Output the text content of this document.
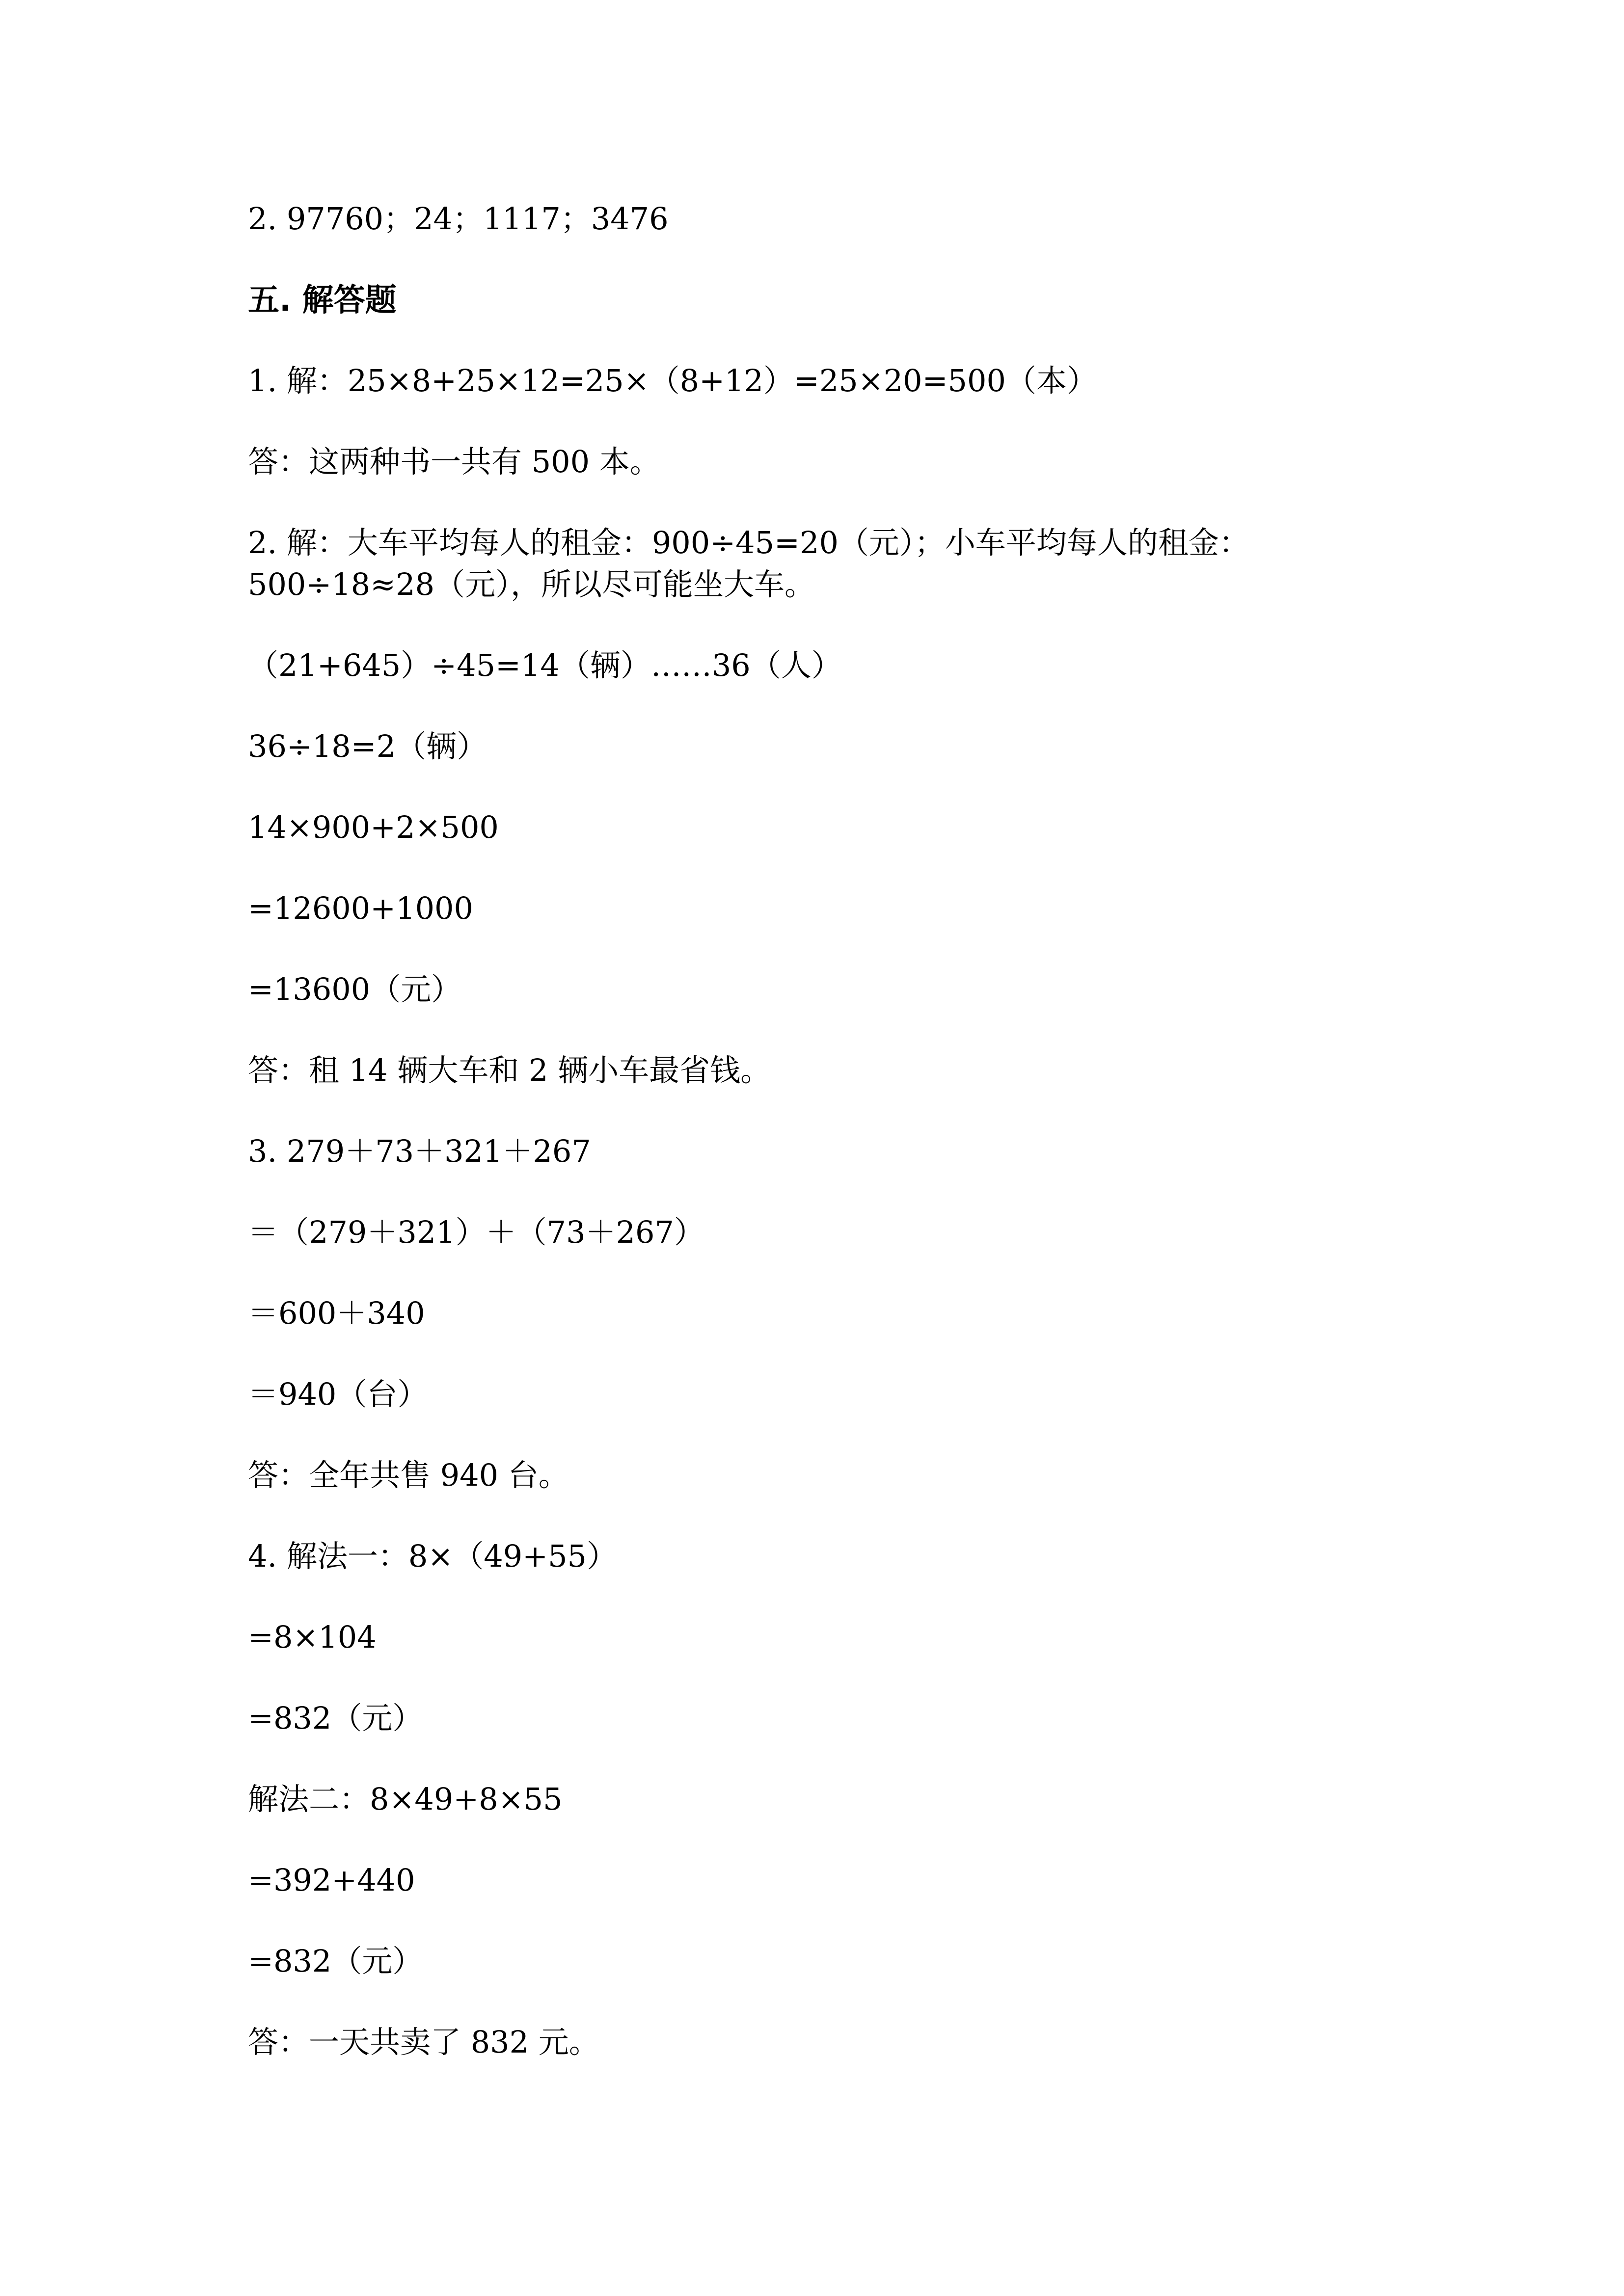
2. 97760；24；1117；3476
五. 解答题
1. 解：25×8+25×12=25×（8+12）=25×20=500（本）
答：这两种书一共有 500 本。
2. 解：大车平均每人的租金：900÷45=20（元）；小车平均每人的租金：
500÷18≈28（元），所以尽可能坐大车。
（21+645）÷45=14（辆）……36（人）
36÷18=2（辆）
14×900+2×500
=12600+1000
=13600（元）
答：租 14 辆大车和 2 辆小车最省钱。
3. 279＋73＋321＋267
＝（279＋321）＋（73＋267）
＝600＋340
＝940（台）
答：全年共售 940 台。
4. 解法一：8×（49+55）
=8×104
=832（元）
解法二：8×49+8×55
=392+440
=832（元）
答：一天共卖了 832 元。
